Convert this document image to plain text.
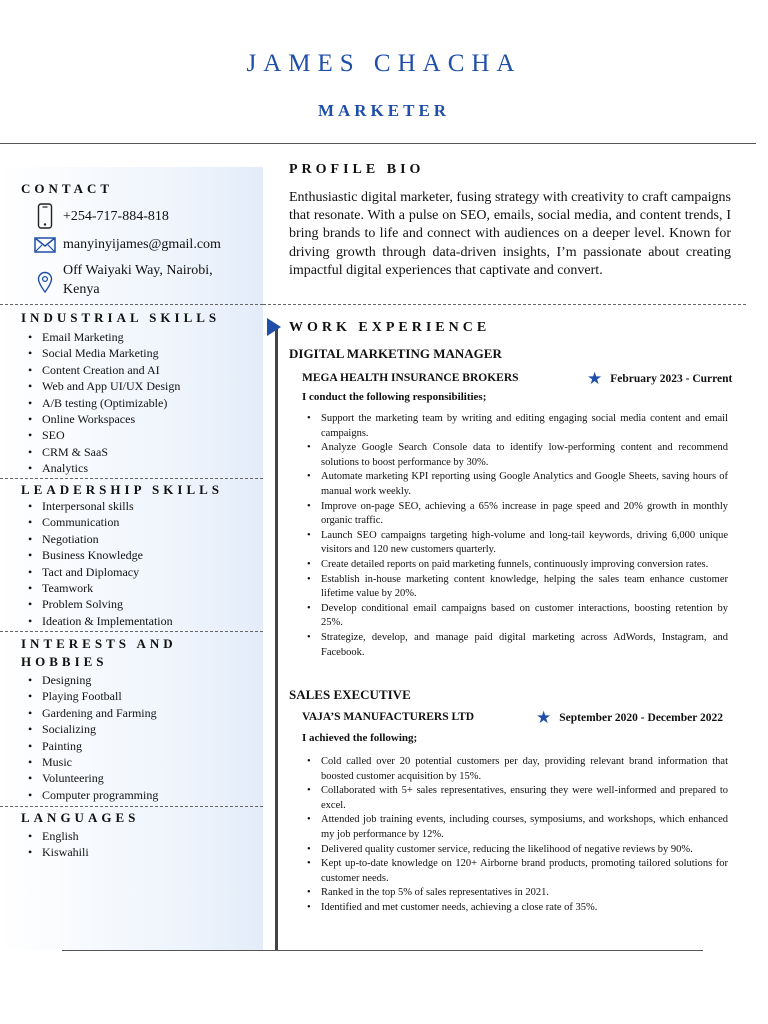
JAMES CHACHA
MARKETER
CONTACT
+254-717-884-818
manyinyijames@gmail.com
Off Waiyaki Way, Nairobi,
Kenya
INDUSTRIAL SKILLS
• Email Marketing
• Social Media Marketing
• Content Creation and AI
• Web and App UI/UX Design
• A/B testing (Optimizable)
• Online Workspaces
• SEO
• CRM & SaaS
• Analytics
LEADERSHIP SKILLS
• Interpersonal skills
• Communication
• Negotiation
• Business Knowledge
• Tact and Diplomacy
• Teamwork
• Problem Solving
• Ideation & Implementation
INTERESTS AND
HOBBIES
• Designing
• Playing Football
• Gardening and Farming
• Socializing
• Painting
• Music
• Volunteering
• Computer programming
LANGUAGES
• English
• Kiswahili
PROFILE BIO
Enthusiastic digital marketer, fusing strategy with creativity to craft campaigns that resonate. With a pulse on SEO, emails, social media, and content trends, I bring brands to life and connect with audiences on a deeper level. Known for driving growth through data-driven insights, I’m passionate about creating impactful digital experiences that captivate and convert.
WORK EXPERIENCE
DIGITAL MARKETING MANAGER
MEGA HEALTH INSURANCE BROKERS	★ February 2023 - Current
I conduct the following responsibilities;
• Support the marketing team by writing and editing engaging social media content and email campaigns.
• Analyze Google Search Console data to identify low-performing content and recommend solutions to boost performance by 30%.
• Automate marketing KPI reporting using Google Analytics and Google Sheets, saving hours of manual work weekly.
• Improve on-page SEO, achieving a 65% increase in page speed and 20% growth in monthly organic traffic.
• Launch SEO campaigns targeting high-volume and long-tail keywords, driving 6,000 unique visitors and 120 new customers quarterly.
• Create detailed reports on paid marketing funnels, continuously improving conversion rates.
• Establish in-house marketing content knowledge, helping the sales team enhance customer lifetime value by 20%.
• Develop conditional email campaigns based on customer interactions, boosting retention by 25%.
• Strategize, develop, and manage paid digital marketing across AdWords, Instagram, and Facebook.
SALES EXECUTIVE
VAJA’S MANUFACTURERS LTD	★ September 2020 - December 2022
I achieved the following;
• Cold called over 20 potential customers per day, providing relevant brand information that boosted customer acquisition by 15%.
• Collaborated with 5+ sales representatives, ensuring they were well-informed and prepared to excel.
• Attended job training events, including courses, symposiums, and workshops, which enhanced my job performance by 12%.
• Delivered quality customer service, reducing the likelihood of negative reviews by 90%.
• Kept up-to-date knowledge on 120+ Airborne brand products, promoting tailored solutions for customer needs.
• Ranked in the top 5% of sales representatives in 2021.
• Identified and met customer needs, achieving a close rate of 35%.
